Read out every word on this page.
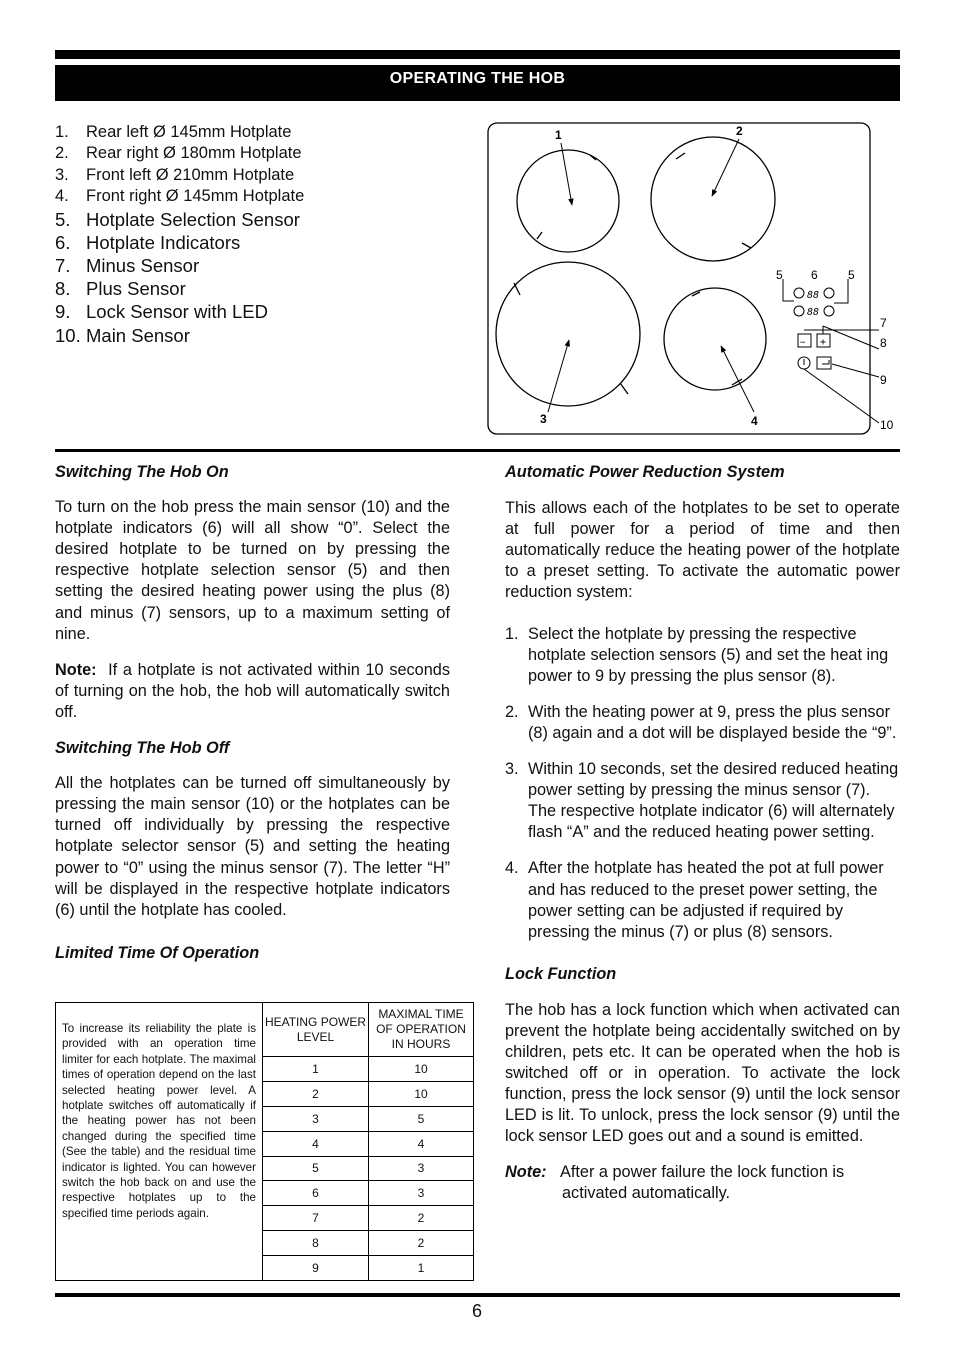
OPERATING THE HOB
1. Rear left Ø 145mm Hotplate
2. Rear right Ø 180mm Hotplate
3. Front left Ø 210mm Hotplate
4. Front right Ø 145mm Hotplate
5. Hotplate Selection Sensor
6. Hotplate Indicators
7. Minus Sensor
8. Plus Sensor
9. Lock Sensor with LED
10. Main Sensor
88
88
− +
1	2
3	4
5 6	5
7
8
9
10

Switching The Hob On

To turn on the hob press the main sensor (10) and the hotplate indicators (6) will all show “0”. Select the desired hotplate to be turned on by pressing the respective hotplate selection sensor (5) and then setting the desired heating power using the plus (8) and minus (7) sensors, up to a maximum setting of nine.

Note: If a hotplate is not activated within 10 seconds of turning on the hob, the hob will automatically switch off.

Switching The Hob Off

All the hotplates can be turned off simultaneously by pressing the main sensor (10) or the hotplates can be turned off individually by pressing the respective hotplate selector sensor (5) and setting the heating power to “0” using the minus sensor (7). The letter “H” will be displayed in the respective hotplate indicators (6) until the hotplate has cooled.

Limited Time Of Operation

To increase its reliability the plate is provided with an operation time limiter for each hotplate. The maximal times of operation depend on the last selected heating power level. A hotplate switches off automatically if the heating power has not been changed during the specified time (See the table) and the residual time indicator is lighted. You can however switch the hob back on and use the respective hotplates up to the specified time periods again.

HEATING POWER LEVEL	MAXIMAL TIME OF OPERATION IN HOURS
1	10
2	10
3	5
4	4
5	3
6	3
7	2
8	2
9	1

Automatic Power Reduction System

This allows each of the hotplates to be set to operate at full power for a period of time and then automatically reduce the heating power of the hotplate to a preset setting. To activate the automatic power reduction system:

1. Select the hotplate by pressing the respective hotplate selection sensors (5) and set the heat ing power to 9 by pressing the plus sensor (8).
2. With the heating power at 9, press the plus sensor (8) again and a dot will be displayed beside the “9”.
3. Within 10 seconds, set the desired reduced heating power setting by pressing the minus sensor (7). The respective hotplate indicator (6) will alternately flash “A” and the reduced heating power setting.
4. After the hotplate has heated the pot at full power and has reduced to the preset power setting, the power setting can be adjusted if required by pressing the minus (7) or plus (8) sensors.

Lock Function

The hob has a lock function which when activated can prevent the hotplate being accidentally switched on by children, pets etc. It can be operated when the hob is switched off or in operation. To activate the lock function, press the lock sensor (9) until the lock sensor LED is lit. To unlock, press the lock sensor (9) until the lock sensor LED goes out and a sound is emitted.

Note: After a power failure the lock function is activated automatically.

6
